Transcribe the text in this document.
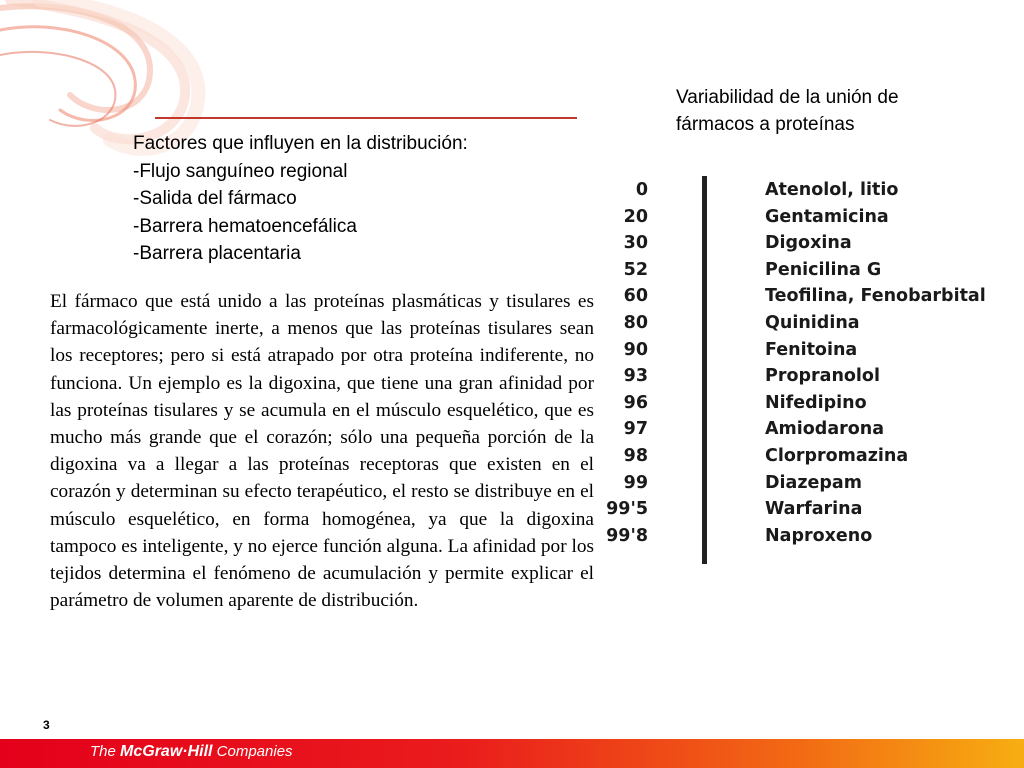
Factores que influyen en la distribución:
-Flujo sanguíneo regional
-Salida del fármaco
-Barrera hematoencefálica
-Barrera placentaria
El fármaco que está unido a las proteínas plasmáticas y tisulares es farmacológicamente inerte, a menos que las proteínas tisulares sean los receptores; pero si está atrapado por otra proteína indiferente, no funciona. Un ejemplo es la digoxina, que tiene una gran afinidad por las proteínas tisulares y se acumula en el músculo esquelético, que es mucho más grande que el corazón; sólo una pequeña porción de la digoxina va a llegar a las proteínas receptoras que existen en el corazón y determinan su efecto terapéutico, el resto se distribuye en el músculo esquelético, en forma homogénea, ya que la digoxina tampoco es inteligente, y no ejerce función alguna. La afinidad por los tejidos determina el fenómeno de acumulación y permite explicar el parámetro de volumen aparente de distribución.
Variabilidad de la unión de
fármacos a proteínas
0	Atenolol, litio
20	Gentamicina
30	Digoxina
52	Penicilina G
60	Teofilina, Fenobarbital
80	Quinidina
90	Fenitoina
93	Propranolol
96	Nifedipino
97	Amiodarona
98	Clorpromazina
99	Diazepam
99'5	Warfarina
99'8	Naproxeno
3
The McGraw·Hill Companies
